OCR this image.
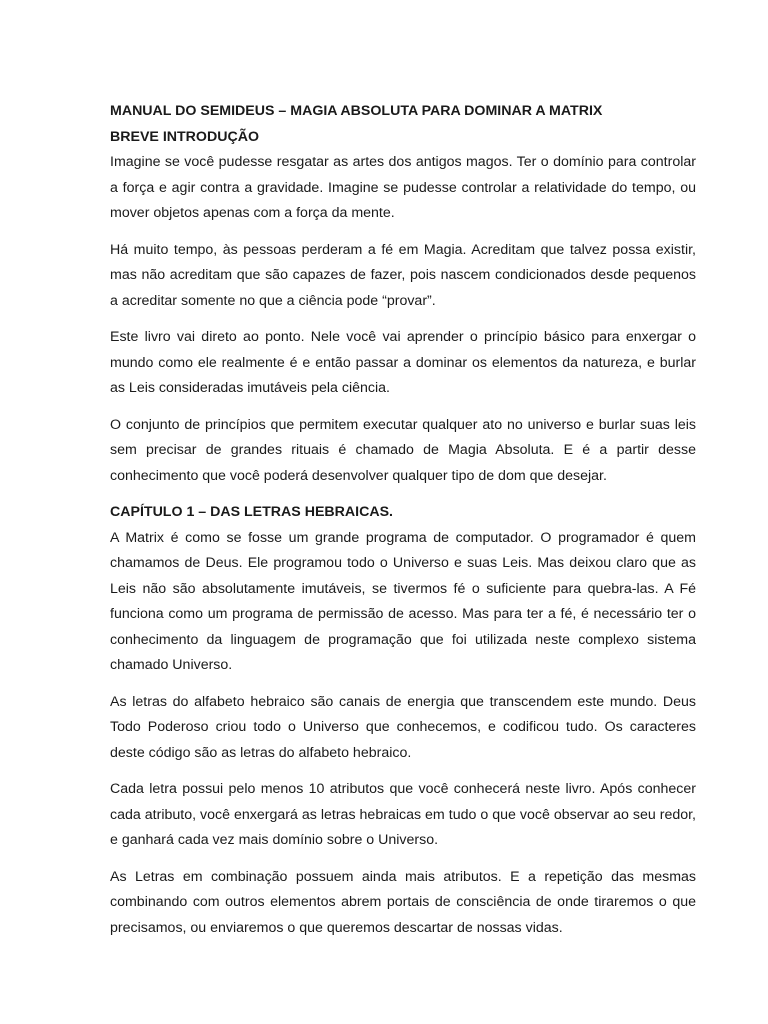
MANUAL DO SEMIDEUS – MAGIA ABSOLUTA PARA DOMINAR A MATRIX

BREVE INTRODUÇÃO

Imagine se você pudesse resgatar as artes dos antigos magos. Ter o domínio para controlar a força e agir contra a gravidade. Imagine se pudesse controlar a relatividade do tempo, ou mover objetos apenas com a força da mente.

Há muito tempo, às pessoas perderam a fé em Magia. Acreditam que talvez possa existir, mas não acreditam que são capazes de fazer, pois nascem condicionados desde pequenos a acreditar somente no que a ciência pode “provar”.

Este livro vai direto ao ponto. Nele você vai aprender o princípio básico para enxergar o mundo como ele realmente é e então passar a dominar os elementos da natureza, e burlar as Leis consideradas imutáveis pela ciência.

O conjunto de princípios que permitem executar qualquer ato no universo e burlar suas leis sem precisar de grandes rituais é chamado de Magia Absoluta. E é a partir desse conhecimento que você poderá desenvolver qualquer tipo de dom que desejar.

CAPÍTULO 1 – DAS LETRAS HEBRAICAS.

A Matrix é como se fosse um grande programa de computador. O programador é quem chamamos de Deus. Ele programou todo o Universo e suas Leis. Mas deixou claro que as Leis não são absolutamente imutáveis, se tivermos fé o suficiente para quebra-las. A Fé funciona como um programa de permissão de acesso. Mas para ter a fé, é necessário ter o conhecimento da linguagem de programação que foi utilizada neste complexo sistema chamado Universo.

As letras do alfabeto hebraico são canais de energia que transcendem este mundo. Deus Todo Poderoso criou todo o Universo que conhecemos, e codificou tudo. Os caracteres deste código são as letras do alfabeto hebraico.

Cada letra possui pelo menos 10 atributos que você conhecerá neste livro. Após conhecer cada atributo, você enxergará as letras hebraicas em tudo o que você observar ao seu redor, e ganhará cada vez mais domínio sobre o Universo.

As Letras em combinação possuem ainda mais atributos. E a repetição das mesmas combinando com outros elementos abrem portais de consciência de onde tiraremos o que precisamos, ou enviaremos o que queremos descartar de nossas vidas.
